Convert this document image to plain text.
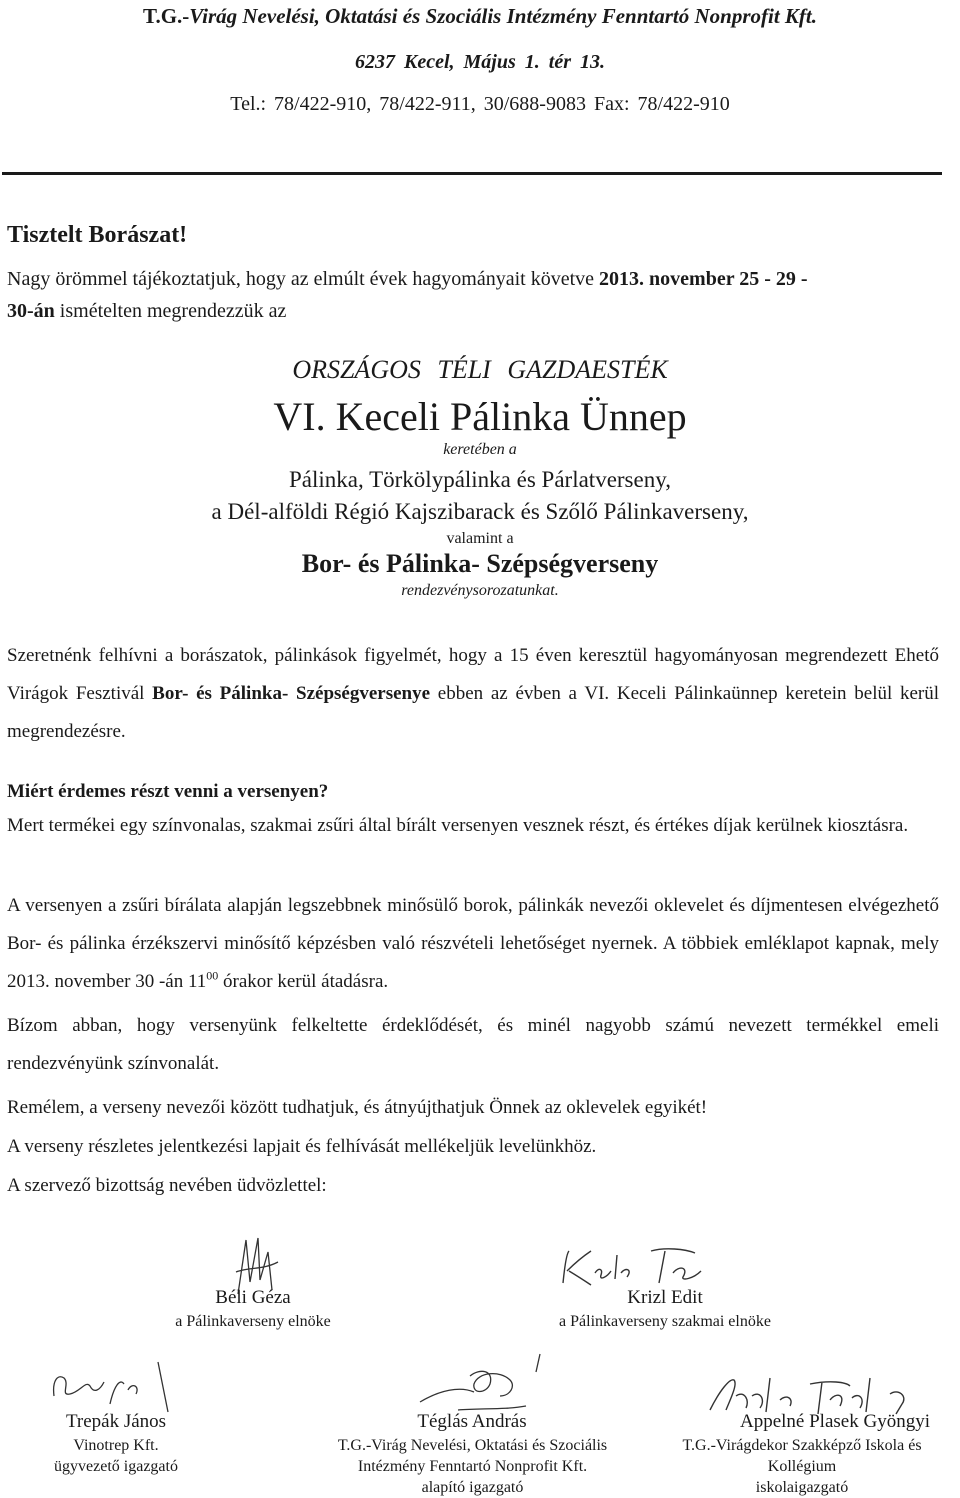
T.G.-Virág Nevelési, Oktatási és Szociális Intézmény Fenntartó Nonprofit Kft.
6237 Kecel, Május 1. tér 13.
Tel.: 78/422-910, 78/422-911, 30/688-9083 Fax: 78/422-910
Tisztelt Borászat!
Nagy örömmel tájékoztatjuk, hogy az elmúlt évek hagyományait követve 2013. november 25 - 29 -
30-án ismételten megrendezzük az
ORSZÁGOS TÉLI GAZDAESTÉK
VI. Keceli Pálinka Ünnep
keretében a
Pálinka, Törkölypálinka és Párlatverseny,
a Dél-alföldi Régió Kajszibarack és Szőlő Pálinkaverseny,
valamint a
Bor- és Pálinka- Szépségverseny
rendezvénysorozatunkat.
Szeretnénk felhívni a borászatok, pálinkások figyelmét, hogy a 15 éven keresztül hagyományosan megrendezett Ehető Virágok Fesztivál Bor- és Pálinka- Szépségversenye ebben az évben a VI. Keceli Pálinkaünnep keretein belül kerül megrendezésre.
Miért érdemes részt venni a versenyen?
Mert termékei egy színvonalas, szakmai zsűri által bírált versenyen vesznek részt, és értékes díjak kerülnek kiosztásra.
A versenyen a zsűri bírálata alapján legszebbnek minősülő borok, pálinkák nevezői oklevelet és díjmentesen elvégezhető Bor- és pálinka érzékszervi minősítő képzésben való részvételi lehetőséget nyernek. A többiek emléklapot kapnak, mely 2013. november 30 -án $11^{00}$ órakor kerül átadásra.
Bízom abban, hogy versenyünk felkeltette érdeklődését, és minél nagyobb számú nevezett termékkel emeli rendezvényünk színvonalát.
Remélem, a verseny nevezői között tudhatjuk, és átnyújthatjuk Önnek az oklevelek egyikét!
A verseny részletes jelentkezési lapjait és felhívását mellékeljük levelünkhöz.
A szervező bizottság nevében üdvözlettel:
Béli Géza
a Pálinkaverseny elnöke
Krizl Edit
a Pálinkaverseny szakmai elnöke
Trepák János
Vinotrep Kft.
ügyvezető igazgató
Téglás András
T.G.-Virág Nevelési, Oktatási és Szociális
Intézmény Fenntartó Nonprofit Kft.
alapító igazgató
Appelné Plasek Gyöngyi
T.G.-Virágdekor Szakképző Iskola és
Kollégium
iskolaigazgató
